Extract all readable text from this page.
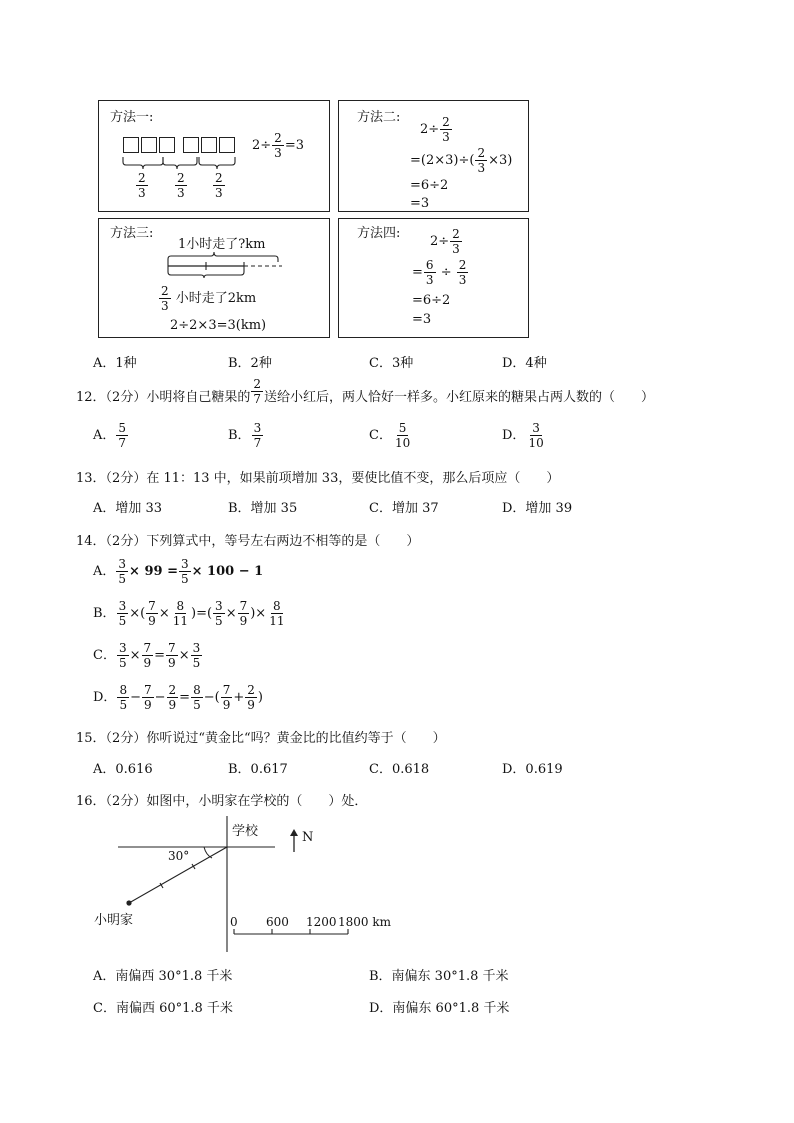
方法一:
$\frac{2}{3} \frac{2}{3} \frac{2}{3}$
$2\div \frac{2}{3} =3$
方法二:
$2\div \frac{2}{3}$
$=(2\times 3)\div( \frac{2}{3} \times 3)$
=6÷2
=3
方法三:
1小时走了?km
$\frac{2}{3}$ 小时走了2km
2÷2×3=3(km)
方法四:
$2\div \frac{2}{3}$
= $\frac{6}{3} \div \frac{2}{3}$
=6÷2
=3
A．1种	B．2种	C．3种	D．4种
12．（2分）小明将自己糖果的 $\frac{2}{7}$ 送给小红后，两人恰好一样多。小红原来的糖果占两人数的（　　）
A． $\frac{5}{7}$	B． $\frac{3}{7}$	C． $\frac{5}{10}$	D． $\frac{3}{10}$
13．（2分）在 11：13 中，如果前项增加 33，要使比值不变，那么后项应（　　）
A．增加 33	B．增加 35	C．增加 37	D．增加 39
14．（2分）下列算式中，等号左右两边不相等的是（　　）
A． $\frac{3}{5} \times 99 = \frac{3}{5} \times 100 - 1$
B． $\frac{3}{5}$ ×( $\frac{7}{9} \times \frac{8}{11}$ )=( $\frac{3}{5} \times \frac{7}{9}$ )× $\frac{8}{11}$
C． $\frac{3}{5} \times \frac{7}{9} = \frac{7}{9} \times \frac{3}{5}$
D． $\frac{8}{5} - \frac{7}{9} - \frac{2}{9} = \frac{8}{5}$ −( $\frac{7}{9} + \frac{2}{9}$ )
15．（2分）你听说过“黄金比“吗？黄金比的比值约等于（　　）
A．0.616	B．0.617	C．0.618	D．0.619
16．（2分）如图中，小明家在学校的（　　）处．
学校	N
30°
小明家	0 600 1200 1800 km
A．南偏西 30°1.8 千米	B．南偏东 30°1.8 千米
C．南偏西 60°1.8 千米	D．南偏东 60°1.8 千米
